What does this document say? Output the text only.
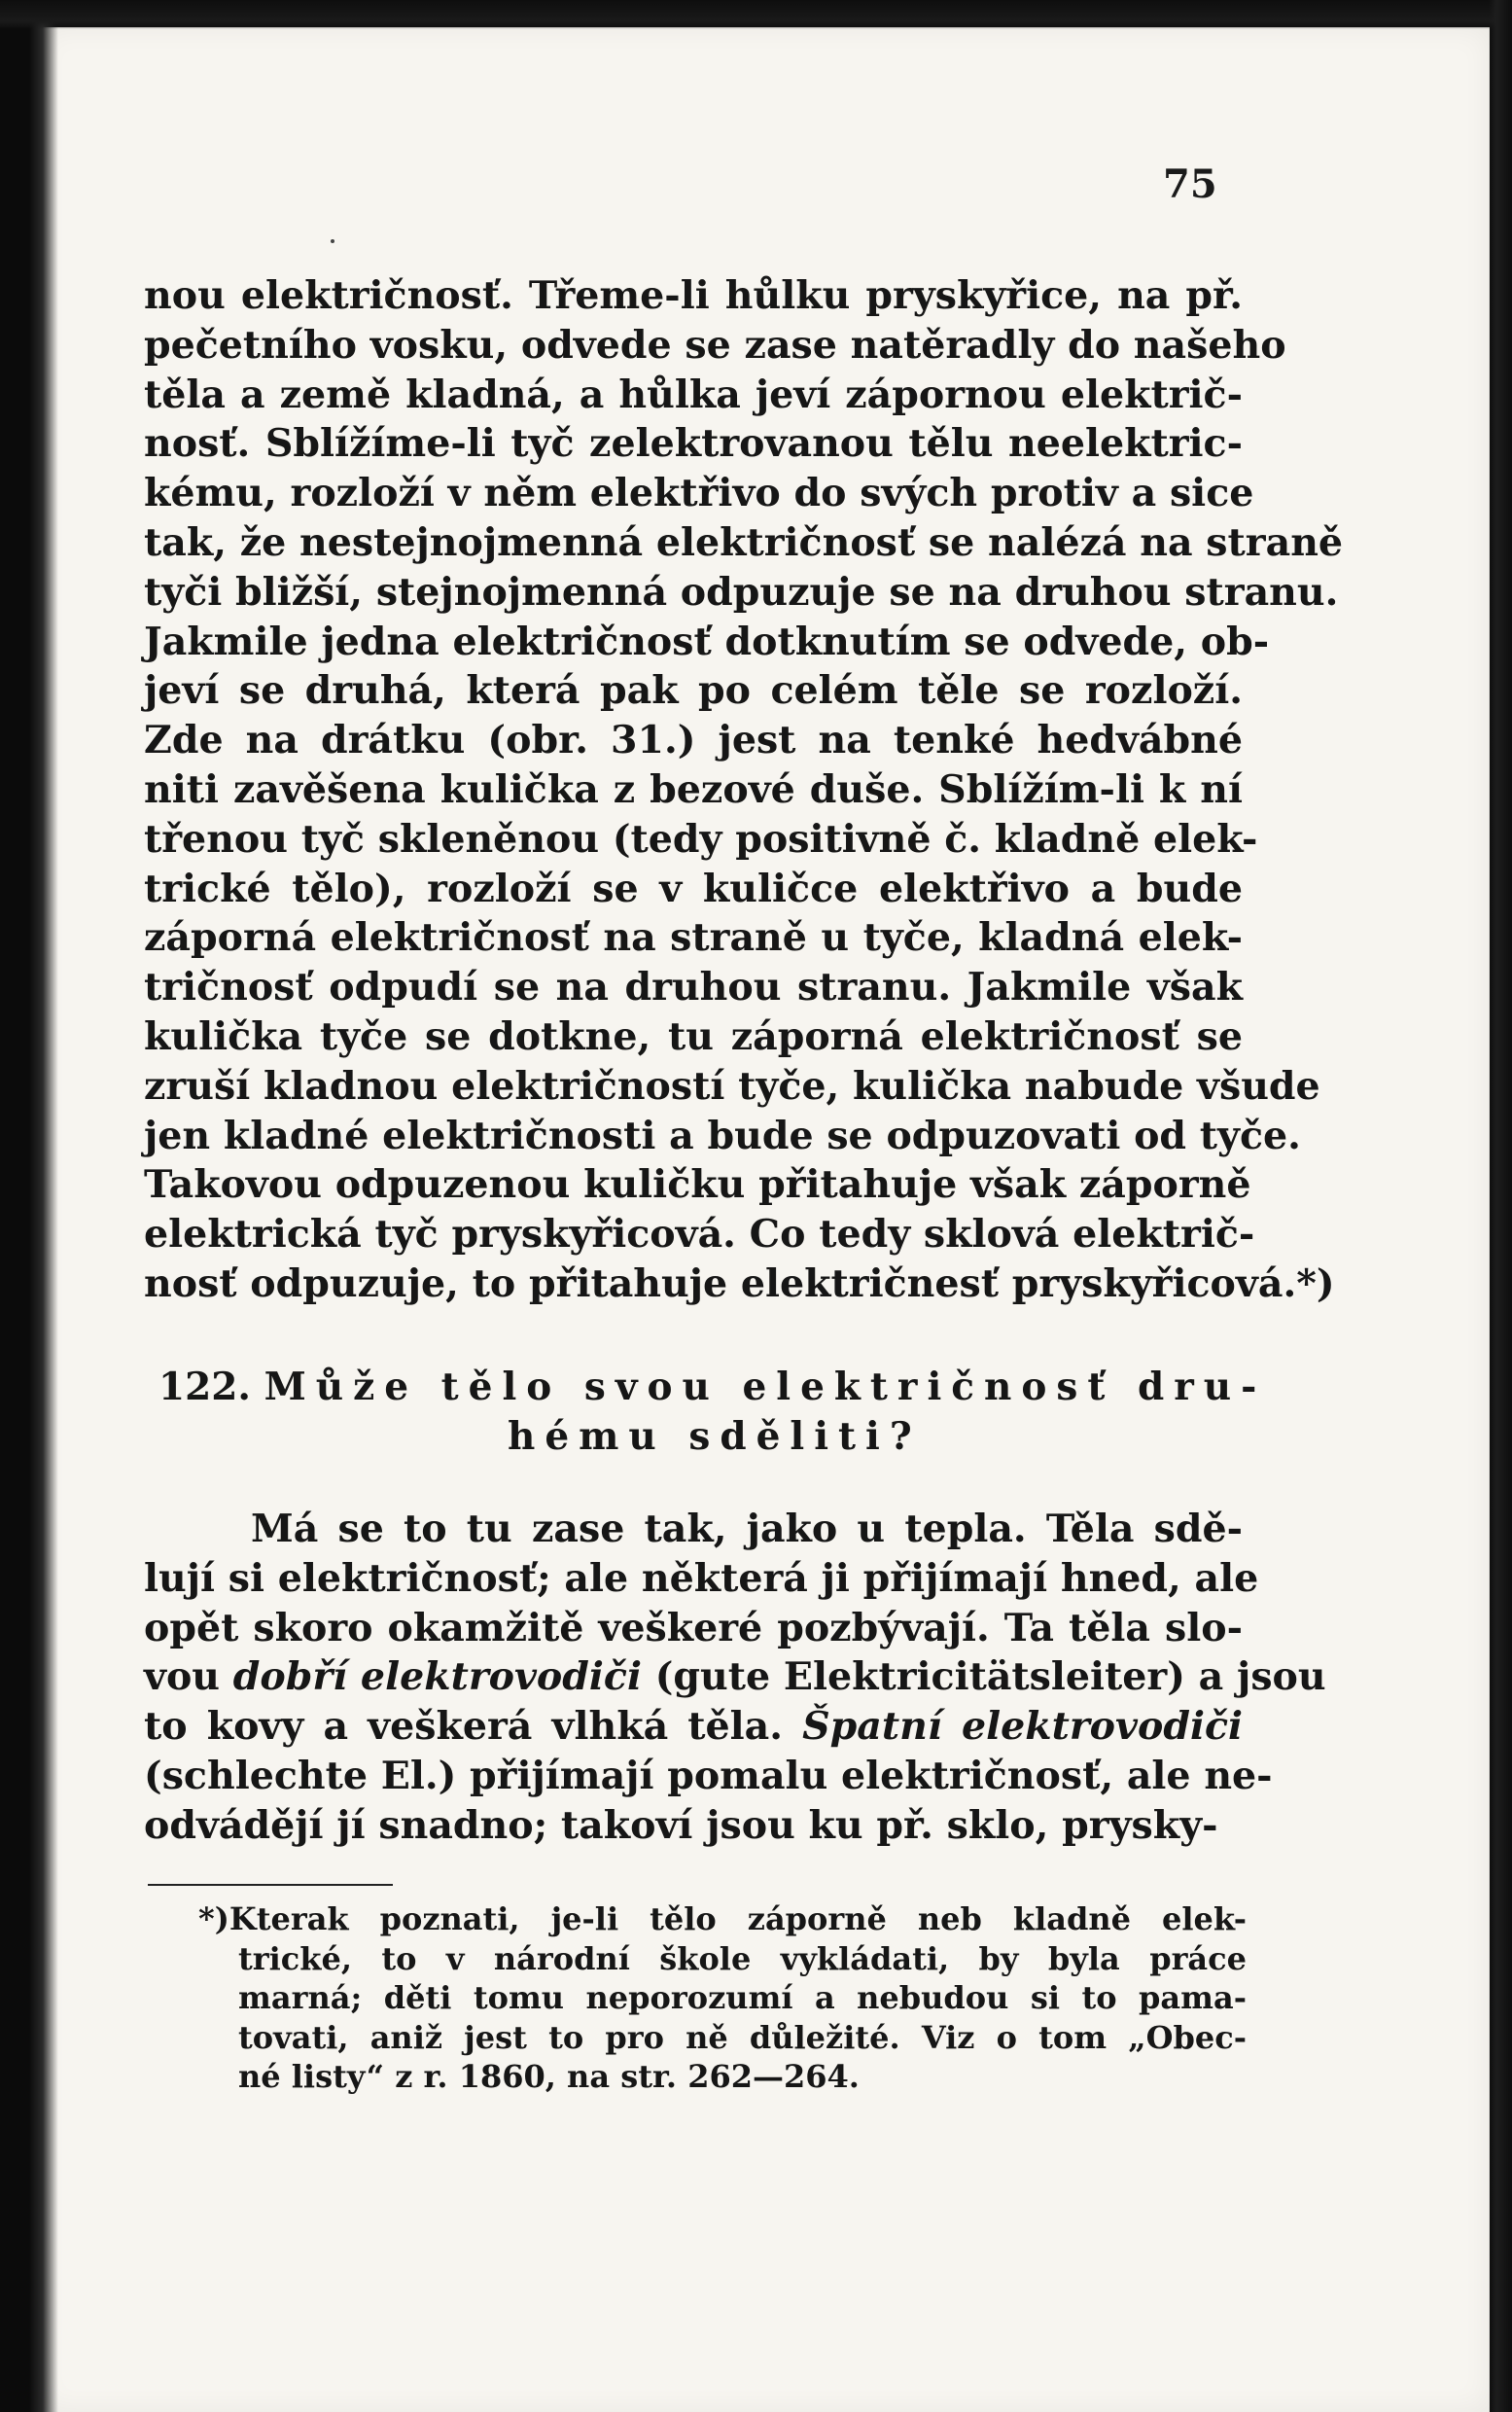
75
nou električnosť. Třeme-li hůlku pryskyřice, na př.
pečetního vosku, odvede se zase natěradly do našeho
těla a země kladná, a hůlka jeví zápornou električ-
nosť. Sblížíme-li tyč zelektrovanou tělu neelektric-
kému, rozloží v něm elektřivo do svých protiv a sice
tak, že nestejnojmenná električnosť se nalézá na straně
tyči bližší, stejnojmenná odpuzuje se na druhou stranu.
Jakmile jedna električnosť dotknutím se odvede, ob-
jeví se druhá, která pak po celém těle se rozloží.
Zde na drátku (obr. 31.) jest na tenké hedvábné
niti zavěšena kulička z bezové duše. Sblížím-li k ní
třenou tyč skleněnou (tedy positivně č. kladně elek-
trické tělo), rozloží se v kuličce elektřivo a bude
záporná električnosť na straně u tyče, kladná elek-
tričnosť odpudí se na druhou stranu. Jakmile však
kulička tyče se dotkne, tu záporná električnosť se
zruší kladnou električností tyče, kulička nabude všude
jen kladné električnosti a bude se odpuzovati od tyče.
Takovou odpuzenou kuličku přitahuje však záporně
elektrická tyč pryskyřicová. Co tedy sklová električ-
nosť odpuzuje, to přitahuje električnesť pryskyřicová.*)
122. Může tělo svou električnosť dru-
hému sděliti?
Má se to tu zase tak, jako u tepla. Těla sdě-
lují si električnosť; ale některá ji přijímají hned, ale
opět skoro okamžitě veškeré pozbývají. Ta těla slo-
vou dobří elektrovodiči (gute Elektricitätsleiter) a jsou
to kovy a veškerá vlhká těla. Špatní elektrovodiči
(schlechte El.) přijímají pomalu električnosť, ale ne-
odvádějí jí snadno; takoví jsou ku př. sklo, prysky-
*)Kterak poznati, je-li tělo záporně neb kladně elek-
trické, to v národní škole vykládati, by byla práce
marná; děti tomu neporozumí a nebudou si to pama-
tovati, aniž jest to pro ně důležité. Viz o tom „Obec-
né listy“ z r. 1860, na str. 262—264.
